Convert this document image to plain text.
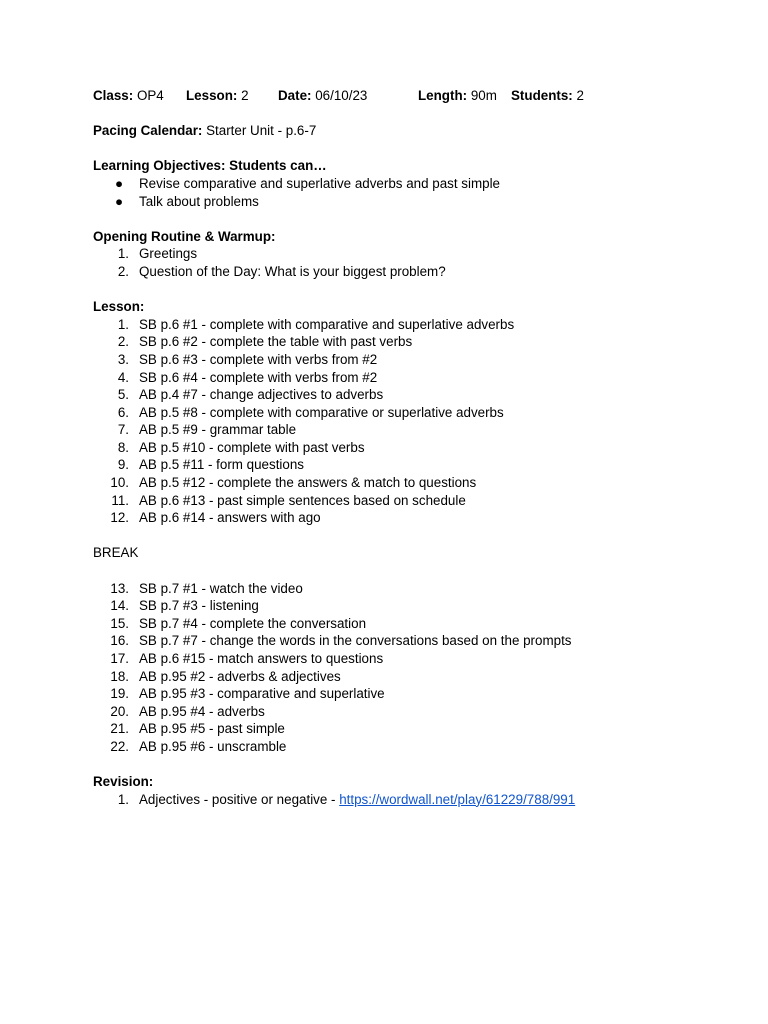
Class: OP4 Lesson: 2 Date: 06/10/23	Length: 90m Students: 2
Pacing Calendar: Starter Unit - p.6-7
Learning Objectives: Students can…
● Revise comparative and superlative adverbs and past simple
● Talk about problems
Opening Routine & Warmup:
1. Greetings
2. Question of the Day: What is your biggest problem?
Lesson:
1. SB p.6 #1 - complete with comparative and superlative adverbs
2. SB p.6 #2 - complete the table with past verbs
3. SB p.6 #3 - complete with verbs from #2
4. SB p.6 #4 - complete with verbs from #2
5. AB p.4 #7 - change adjectives to adverbs
6. AB p.5 #8 - complete with comparative or superlative adverbs
7. AB p.5 #9 - grammar table
8. AB p.5 #10 - complete with past verbs
9. AB p.5 #11 - form questions
10. AB p.5 #12 - complete the answers & match to questions
11. AB p.6 #13 - past simple sentences based on schedule
12. AB p.6 #14 - answers with ago
BREAK
13. SB p.7 #1 - watch the video
14. SB p.7 #3 - listening
15. SB p.7 #4 - complete the conversation
16. SB p.7 #7 - change the words in the conversations based on the prompts
17. AB p.6 #15 - match answers to questions
18. AB p.95 #2 - adverbs & adjectives
19. AB p.95 #3 - comparative and superlative
20. AB p.95 #4 - adverbs
21. AB p.95 #5 - past simple
22. AB p.95 #6 - unscramble
Revision:
1. Adjectives - positive or negative - https://wordwall.net/play/61229/788/991
